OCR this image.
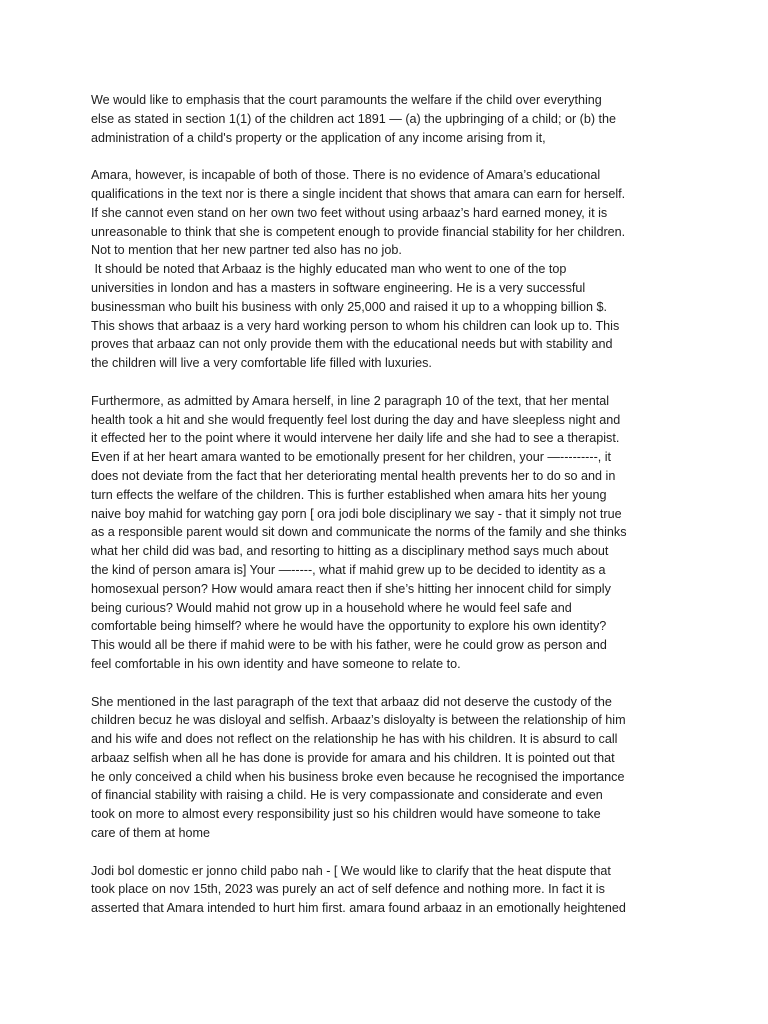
We would like to emphasis that the court paramounts the welfare if the child over everything
else as stated in section 1(1) of the children act 1891 — (a) the upbringing of a child; or (b) the
administration of a child's property or the application of any income arising from it,
Amara, however, is incapable of both of those. There is no evidence of Amara’s educational
qualifications in the text nor is there a single incident that shows that amara can earn for herself.
If she cannot even stand on her own two feet without using arbaaz’s hard earned money, it is
unreasonable to think that she is competent enough to provide financial stability for her children.
Not to mention that her new partner ted also has no job.
It should be noted that Arbaaz is the highly educated man who went to one of the top
universities in london and has a masters in software engineering. He is a very successful
businessman who built his business with only 25,000 and raised it up to a whopping billion $.
This shows that arbaaz is a very hard working person to whom his children can look up to. This
proves that arbaaz can not only provide them with the educational needs but with stability and
the children will live a very comfortable life filled with luxuries.
Furthermore, as admitted by Amara herself, in line 2 paragraph 10 of the text, that her mental
health took a hit and she would frequently feel lost during the day and have sleepless night and
it effected her to the point where it would intervene her daily life and she had to see a therapist.
Even if at her heart amara wanted to be emotionally present for her children, your —---------, it
does not deviate from the fact that her deteriorating mental health prevents her to do so and in
turn effects the welfare of the children. This is further established when amara hits her young
naive boy mahid for watching gay porn [ ora jodi bole disciplinary we say - that it simply not true
as a responsible parent would sit down and communicate the norms of the family and she thinks
what her child did was bad, and resorting to hitting as a disciplinary method says much about
the kind of person amara is] Your —-----, what if mahid grew up to be decided to identity as a
homosexual person? How would amara react then if she’s hitting her innocent child for simply
being curious? Would mahid not grow up in a household where he would feel safe and
comfortable being himself? where he would have the opportunity to explore his own identity?
This would all be there if mahid were to be with his father, were he could grow as person and
feel comfortable in his own identity and have someone to relate to.
She mentioned in the last paragraph of the text that arbaaz did not deserve the custody of the
children becuz he was disloyal and selfish. Arbaaz’s disloyalty is between the relationship of him
and his wife and does not reflect on the relationship he has with his children. It is absurd to call
arbaaz selfish when all he has done is provide for amara and his children. It is pointed out that
he only conceived a child when his business broke even because he recognised the importance
of financial stability with raising a child. He is very compassionate and considerate and even
took on more to almost every responsibility just so his children would have someone to take
care of them at home
Jodi bol domestic er jonno child pabo nah - [ We would like to clarify that the heat dispute that
took place on nov 15th, 2023 was purely an act of self defence and nothing more. In fact it is
asserted that Amara intended to hurt him first. amara found arbaaz in an emotionally heightened
